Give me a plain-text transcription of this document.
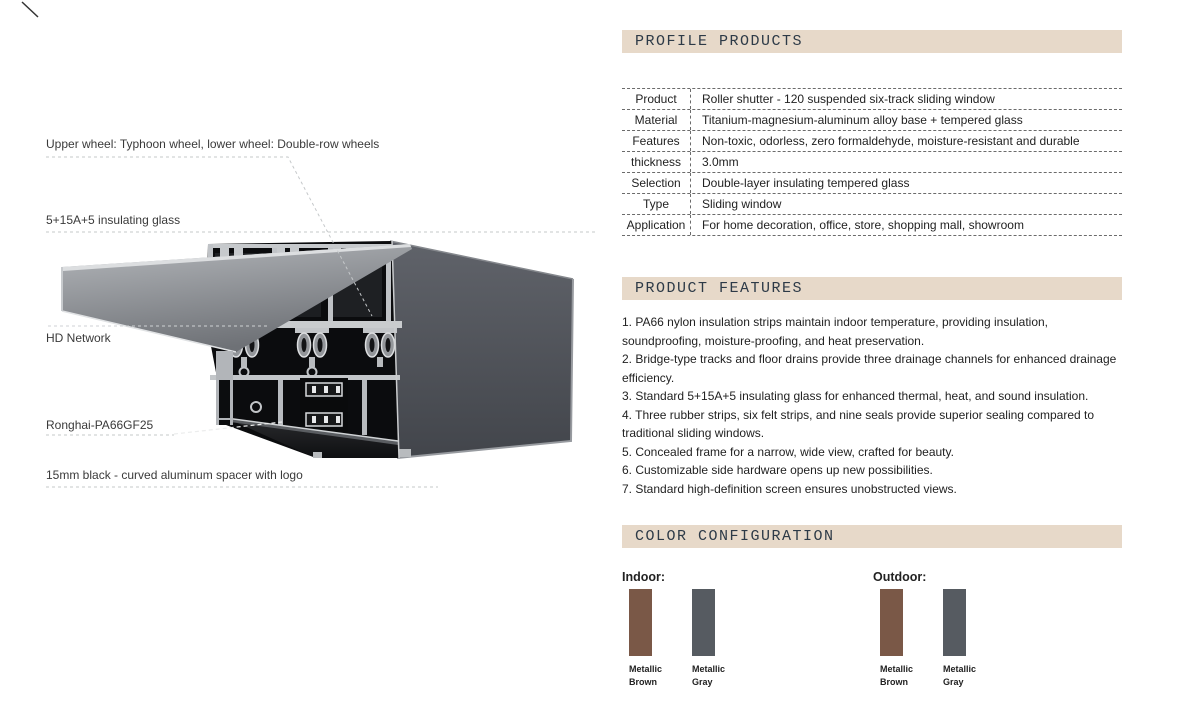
Upper wheel: Typhoon wheel, lower wheel: Double-row wheels
5+15A+5 insulating glass
HD Network
Ronghai-PA66GF25
15mm black - curved aluminum spacer with logo
PROFILE PRODUCTS
Product	Roller shutter - 120 suspended six-track sliding window
Material	Titanium-magnesium-aluminum alloy base + tempered glass
Features	Non-toxic, odorless, zero formaldehyde, moisture-resistant and durable
thickness	3.0mm
Selection	Double-layer insulating tempered glass
Type	Sliding window
Application	For home decoration, office, store, shopping mall, showroom
PRODUCT FEATURES

1. PA66 nylon insulation strips maintain indoor temperature, providing insulation, soundproofing, moisture-proofing, and heat preservation.

2. Bridge-type tracks and floor drains provide three drainage channels for enhanced drainage efficiency.

3. Standard 5+15A+5 insulating glass for enhanced thermal, heat, and sound insulation.

4. Three rubber strips, six felt strips, and nine seals provide superior sealing compared to traditional sliding windows.

5. Concealed frame for a narrow, wide view, crafted for beauty.

6. Customizable side hardware opens up new possibilities.

7. Standard high-definition screen ensures unobstructed views.

COLOR CONFIGURATION
Indoor:
Metallic Brown
Metallic Gray
Outdoor:
Metallic Brown
Metallic Gray
